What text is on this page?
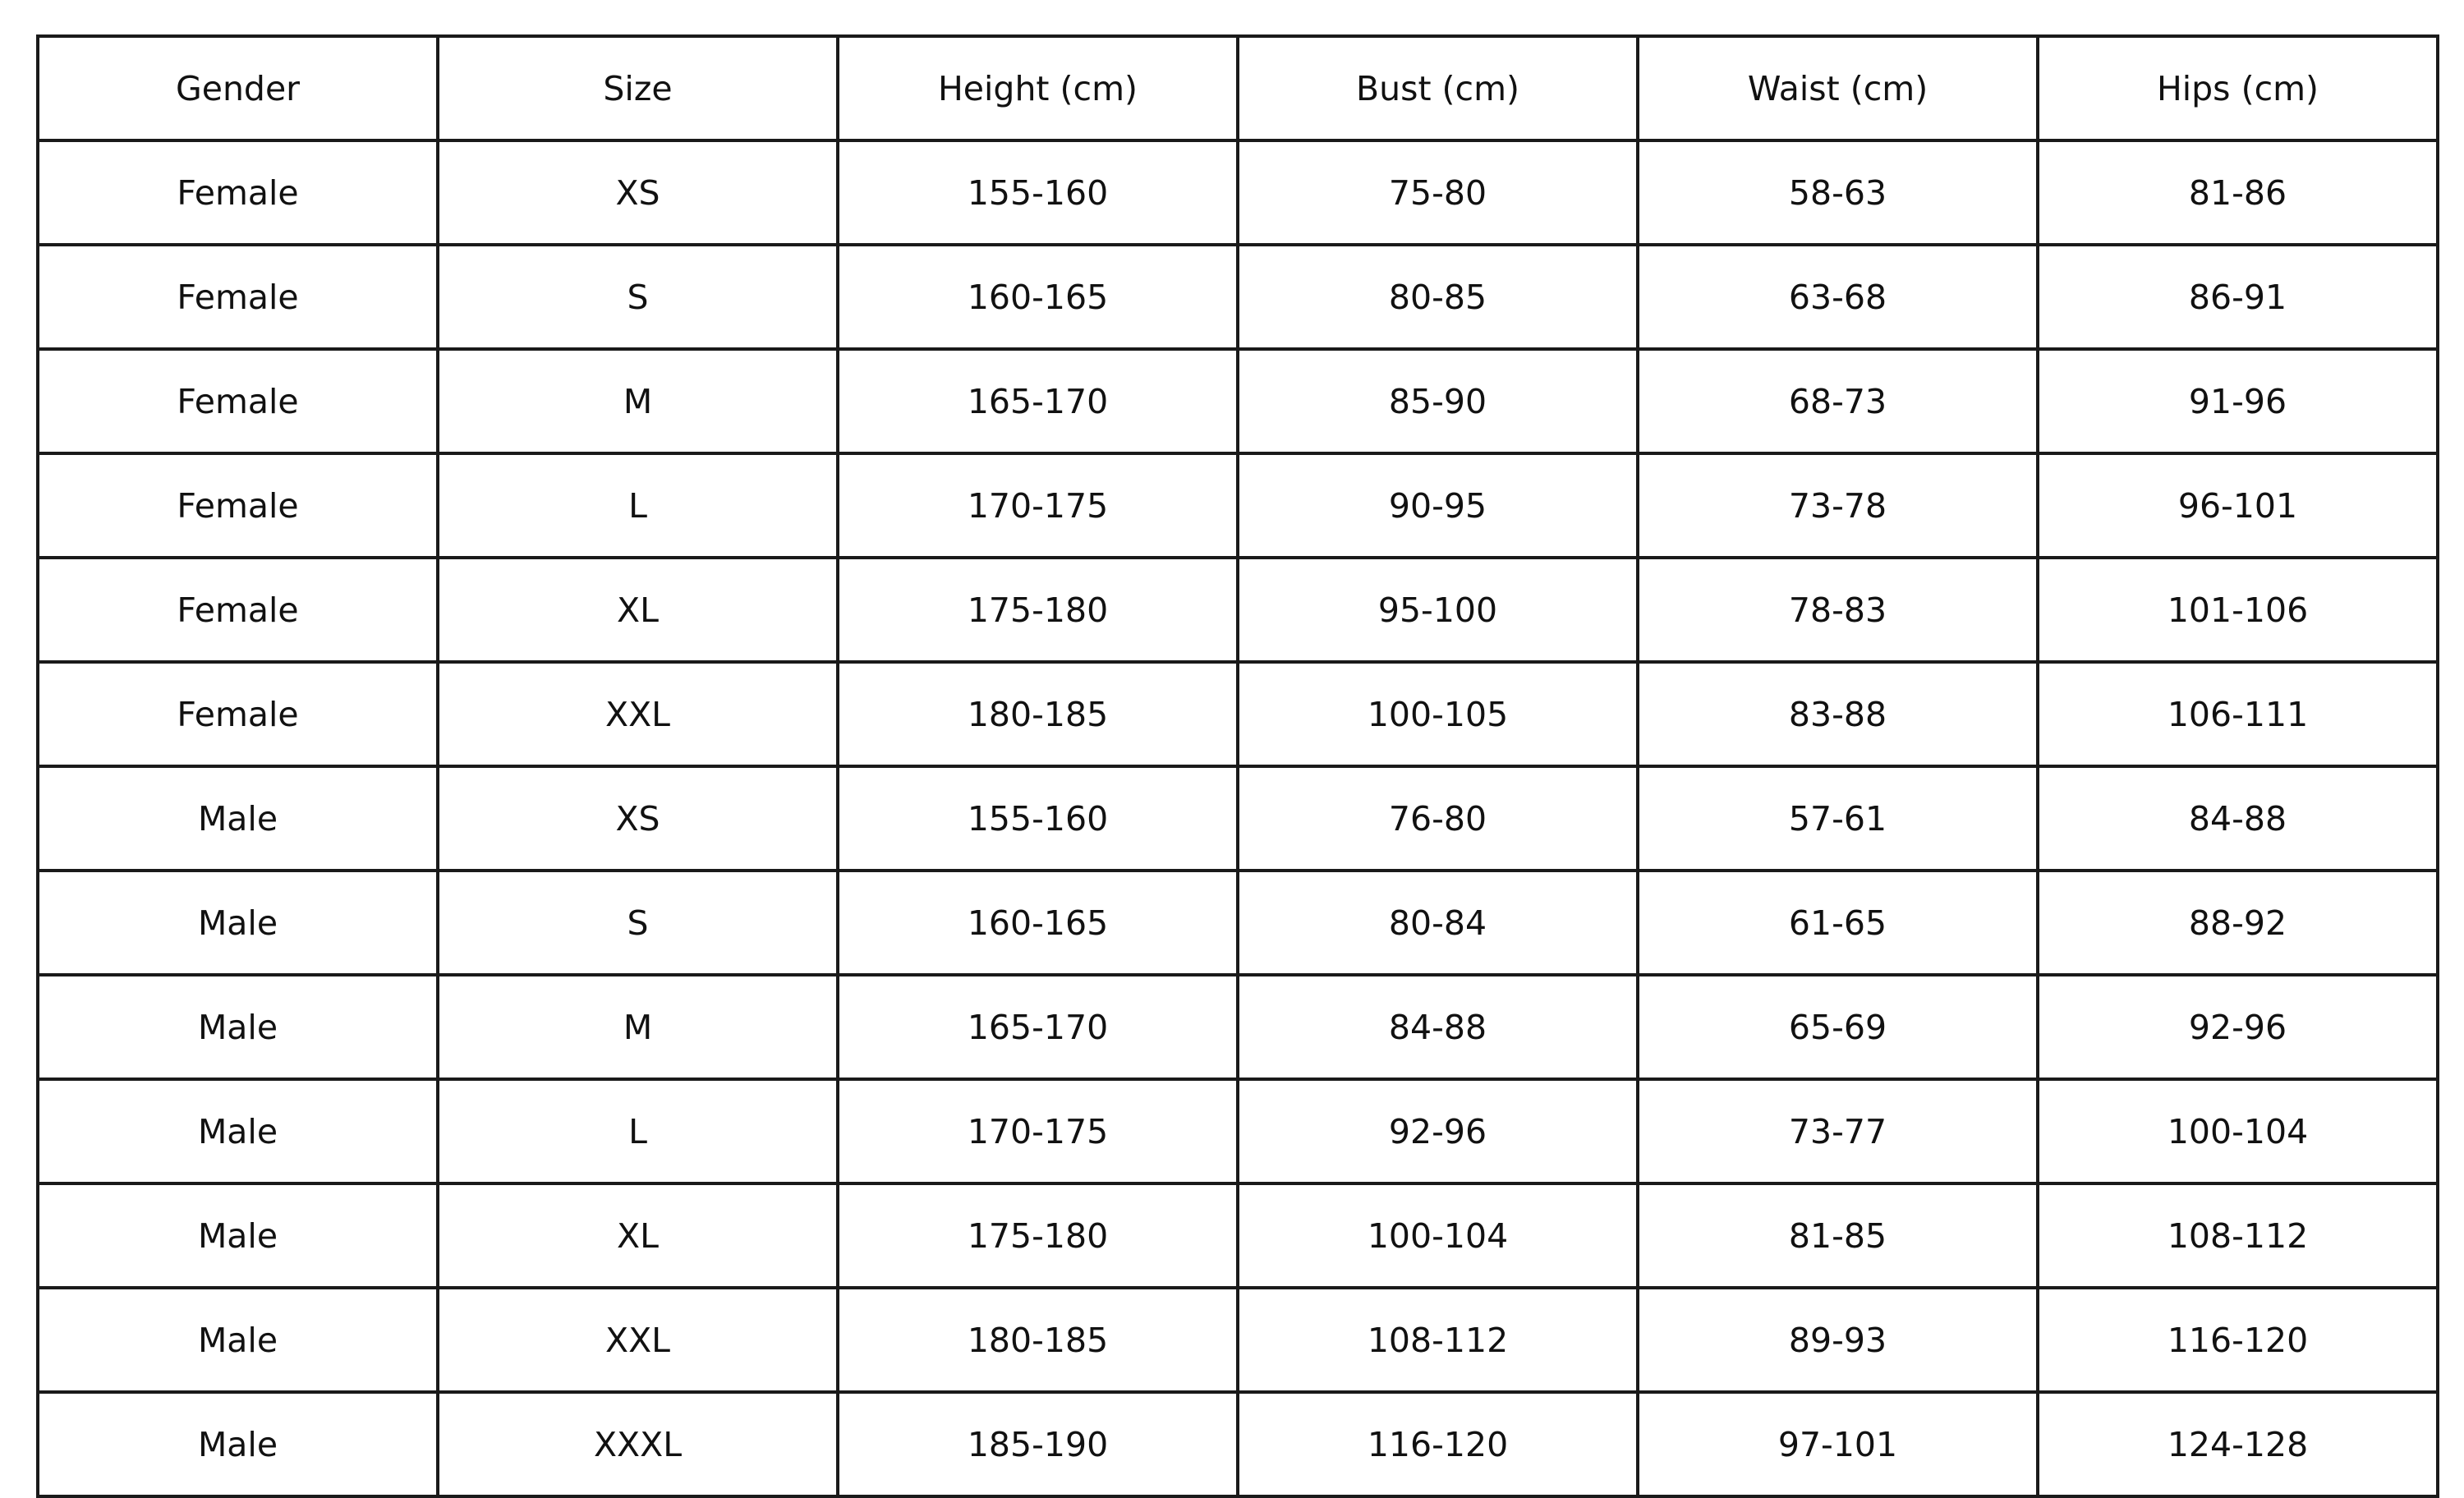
Gender	Size	Height (cm)	Bust (cm)	Waist (cm)	Hips (cm)
Female	XS	155-160	75-80	58-63	81-86
Female	S	160-165	80-85	63-68	86-91
Female	M	165-170	85-90	68-73	91-96
Female	L	170-175	90-95	73-78	96-101
Female	XL	175-180	95-100	78-83	101-106
Female	XXL	180-185	100-105	83-88	106-111
Male	XS	155-160	76-80	57-61	84-88
Male	S	160-165	80-84	61-65	88-92
Male	M	165-170	84-88	65-69	92-96
Male	L	170-175	92-96	73-77	100-104
Male	XL	175-180	100-104	81-85	108-112
Male	XXL	180-185	108-112	89-93	116-120
Male	XXXL	185-190	116-120	97-101	124-128
